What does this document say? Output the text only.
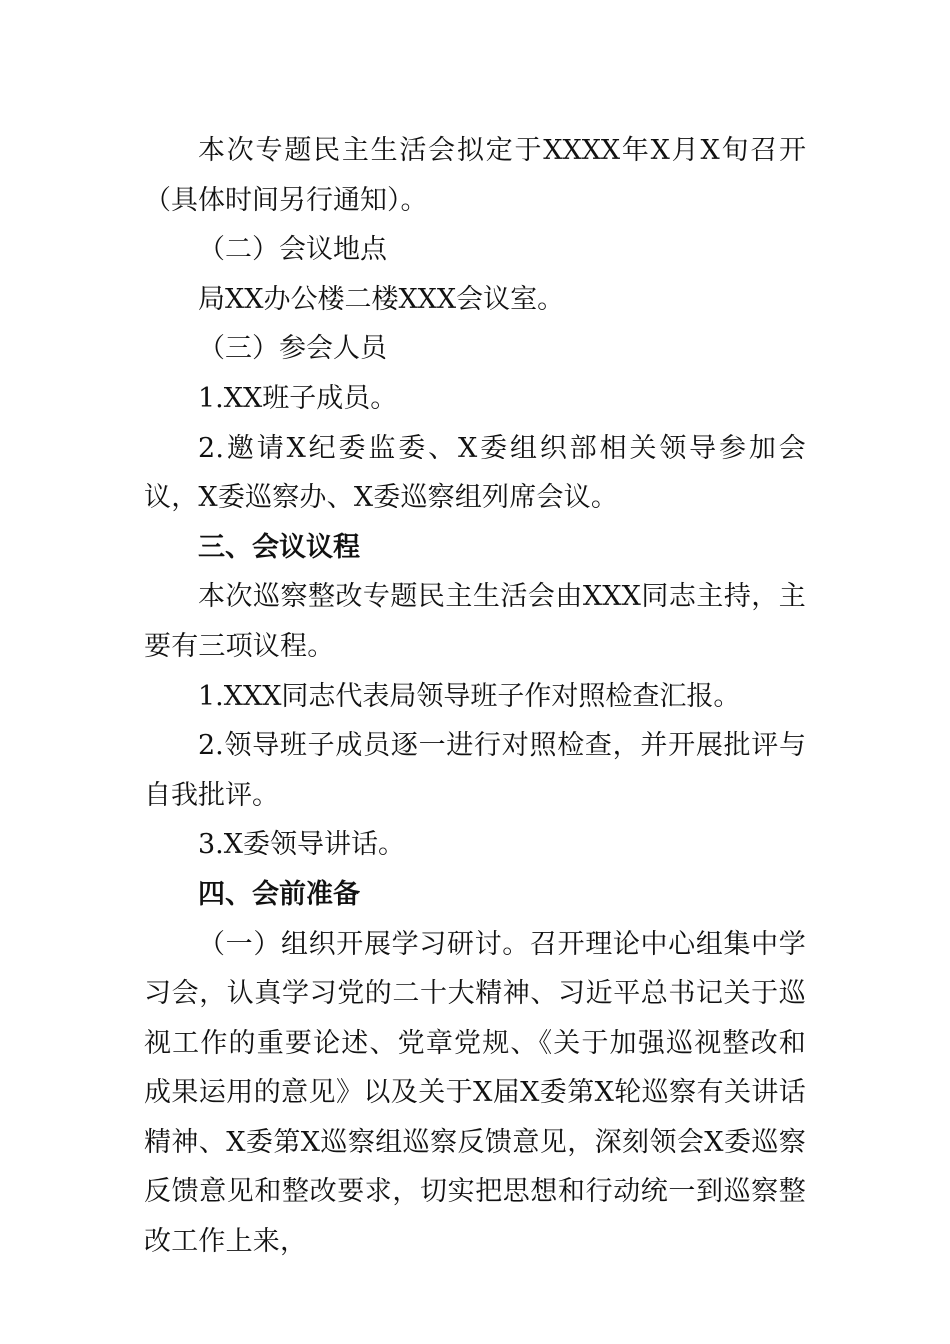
本次专题民主生活会拟定于XXXX年X月X旬召开（具体时间另行通知）。

（二）会议地点

局XX办公楼二楼XXX会议室。

（三）参会人员

1.XX班子成员。

2.邀请X纪委监委、X委组织部相关领导参加会议，X委巡察办、X委巡察组列席会议。

三、会议议程

本次巡察整改专题民主生活会由XXX同志主持，主要有三项议程。

1.XXX同志代表局领导班子作对照检查汇报。

2.领导班子成员逐一进行对照检查，并开展批评与自我批评。

3.X委领导讲话。

四、会前准备

（一）组织开展学习研讨。召开理论中心组集中学习会，认真学习党的二十大精神、习近平总书记关于巡视工作的重要论述、党章党规、《关于加强巡视整改和成果运用的意见》以及关于X届X委第X轮巡察有关讲话精神、X委第X巡察组巡察反馈意见，深刻领会X委巡察反馈意见和整改要求，切实把思想和行动统一到巡察整改工作上来，
